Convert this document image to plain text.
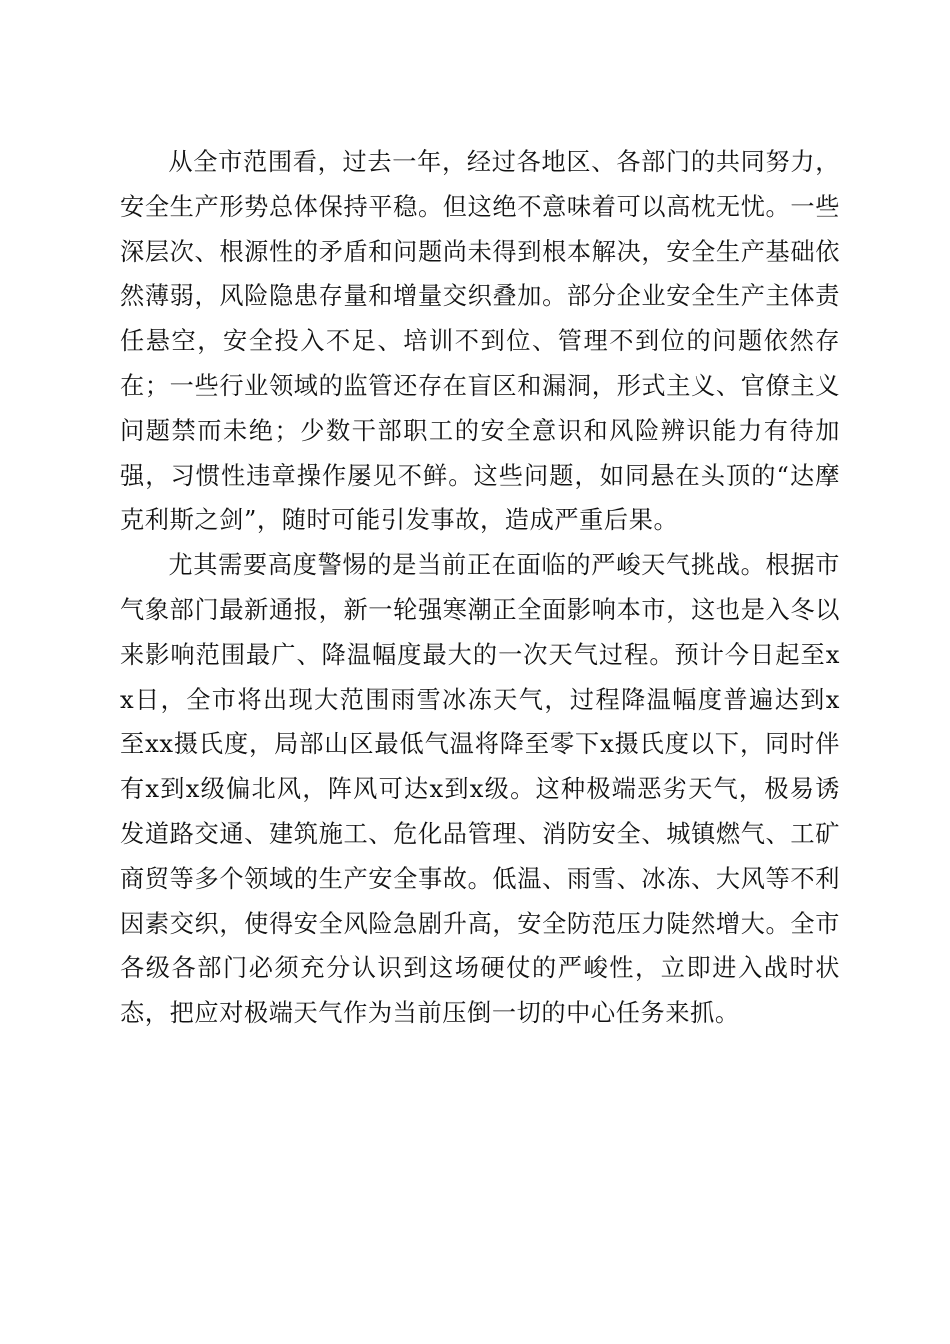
从全市范围看，过去一年，经过各地区、各部门的共同努力，安全生产形势总体保持平稳。但这绝不意味着可以高枕无忧。一些深层次、根源性的矛盾和问题尚未得到根本解决，安全生产基础依然薄弱，风险隐患存量和增量交织叠加。部分企业安全生产主体责任悬空，安全投入不足、培训不到位、管理不到位的问题依然存在；一些行业领域的监管还存在盲区和漏洞，形式主义、官僚主义问题禁而未绝；少数干部职工的安全意识和风险辨识能力有待加强，习惯性违章操作屡见不鲜。这些问题，如同悬在头顶的“达摩克利斯之剑”，随时可能引发事故，造成严重后果。

尤其需要高度警惕的是当前正在面临的严峻天气挑战。根据市气象部门最新通报，新一轮强寒潮正全面影响本市，这也是入冬以来影响范围最广、降温幅度最大的一次天气过程。预计今日起至xx日，全市将出现大范围雨雪冰冻天气，过程降温幅度普遍达到x至xx摄氏度，局部山区最低气温将降至零下x摄氏度以下，同时伴有x到x级偏北风，阵风可达x到x级。这种极端恶劣天气，极易诱发道路交通、建筑施工、危化品管理、消防安全、城镇燃气、工矿商贸等多个领域的生产安全事故。低温、雨雪、冰冻、大风等不利因素交织，使得安全风险急剧升高，安全防范压力陡然增大。全市各级各部门必须充分认识到这场硬仗的严峻性，立即进入战时状态，把应对极端天气作为当前压倒一切的中心任务来抓。
